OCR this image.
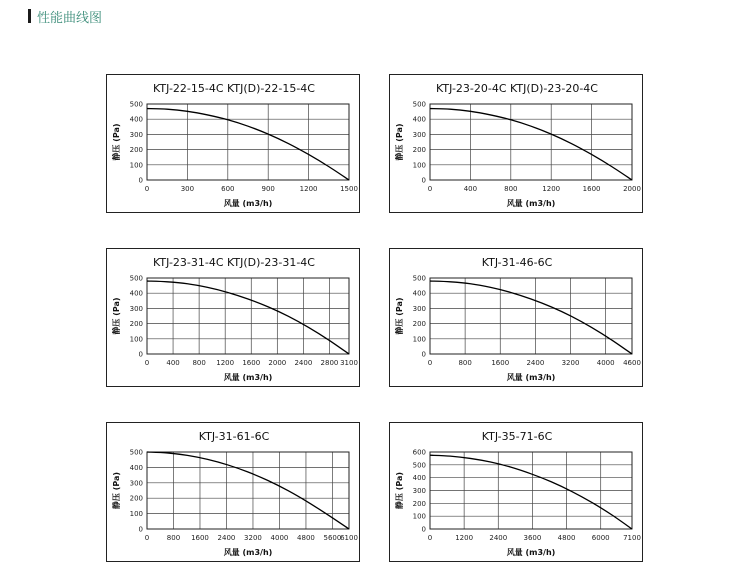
性能曲线图
KTJ-22-15-4C KTJ(D)-22-15-4C
0
100
200
300
400
500
0	300	600	900	1200	1500
风量 (m3/h)
静压 (Pa)
KTJ-23-20-4C KTJ(D)-23-20-4C
0
100
200
300
400
500
0	400	800	1200	1600	2000
风量 (m3/h)
静压 (Pa)
KTJ-23-31-4C KTJ(D)-23-31-4C
0
100
200
300
400
500
0 400 800 1200 1600 2000 2400 2800 3100
风量 (m3/h)
静压 (Pa)
KTJ-31-46-6C
0
100
200
300
400
500
0	800	1600 2400 3200 4000 4600
风量 (m3/h)
静压 (Pa)
KTJ-31-61-6C
0
100
200
300
400
500
0	800 1600 2400 3200 4000 4800 5600
6100
风量 (m3/h)
静压 (Pa)
KTJ-35-71-6C
0
100
200
300
400
500
600
0	1200 2400 3600 4800 6000 7100
风量 (m3/h)
静压 (Pa)
